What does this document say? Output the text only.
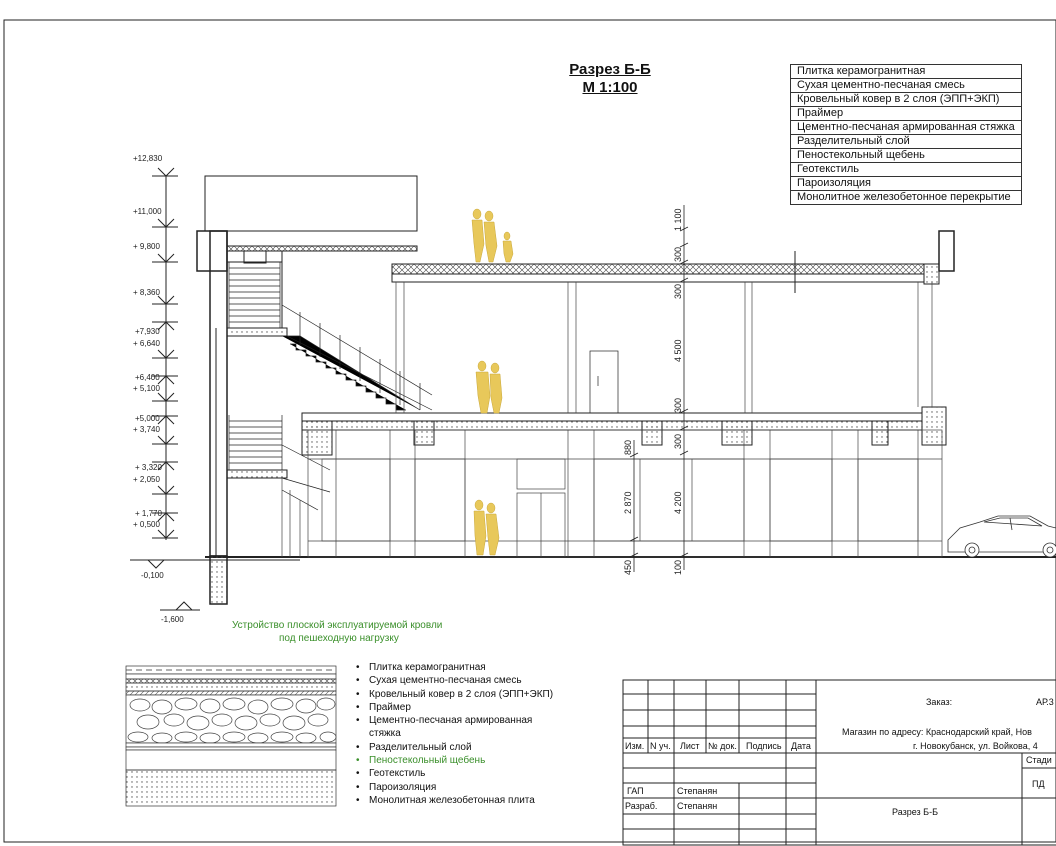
Разрез Б-Б
М 1:100
Плитка керамогранитная
Сухая цементно-песчаная смесь
Кровельный ковер в 2 слоя (ЭПП+ЭКП)
Праймер
Цементно-песчаная армированная стяжка
Разделительный слой
Пеностекольный щебень
Геотекстиль
Пароизоляция
Монолитное железобетонное перекрытие
+12,830
+11,000
+ 9,800
+ 8,360
+7,930
+ 6,640
+6,400
+ 5,100
+5,000
+ 3,740
+ 3,320
+ 2,050
+ 1,770
+ 0,500
-0,100
-1,600
1 100
300
300
4 500
300
300
880
2 870	4 200
450	100
Устройство плоской эксплуатируемой кровли
под пешеходную нагрузку
• Плитка керамогранитная
• Сухая цементно-песчаная смесь
• Кровельный ковер в 2 слоя (ЭПП+ЭКП)
• Праймер
• Цементно-песчаная армированная стяжка
• Разделительный слой
• Пеностекольный щебень
• Геотекстиль
• Пароизоляция
• Монолитная железобетонная плита
Заказ:	АР.3
Магазин по адресу: Краснодарский край, Нов
г. Новокубанск, ул. Войкова, 4
Изм. N уч. Лист № док. Подпись Дата
Стади
ПД
ГАП	Степанян
Разраб. Степанян
Разрез Б-Б
